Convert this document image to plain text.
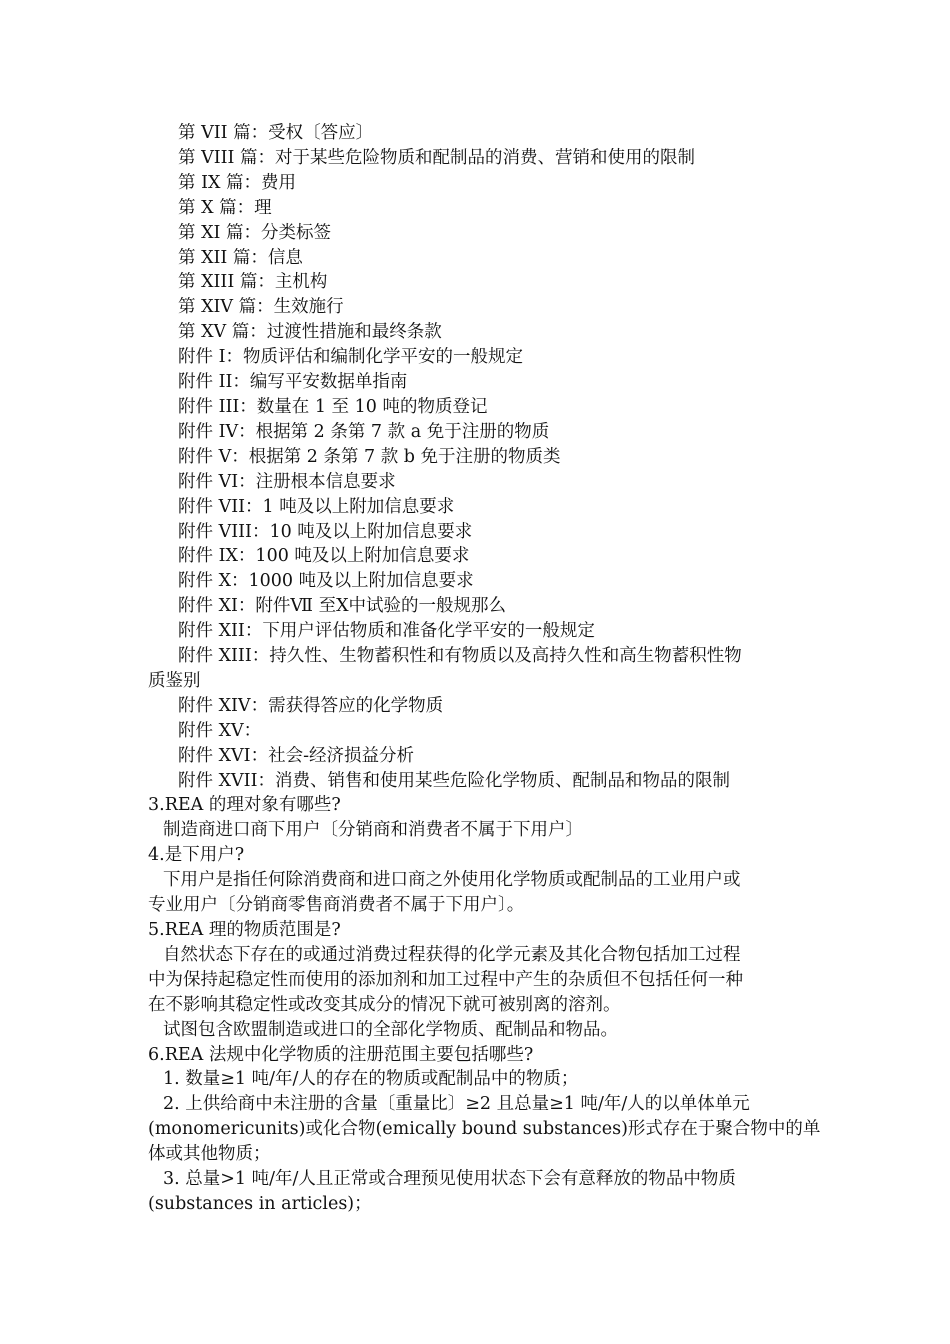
第 VII 篇：受权〔答应〕
第 VIII 篇：对于某些危险物质和配制品的消费、营销和使用的限制
第 IX 篇：费用
第 X 篇：理
第 XI 篇：分类标签
第 XII 篇：信息
第 XIII 篇：主机构
第 XIV 篇：生效施行
第 XV 篇：过渡性措施和最终条款
附件 I：物质评估和编制化学平安的一般规定
附件 II：编写平安数据单指南
附件 III：数量在 1 至 10 吨的物质登记
附件 IV：根据第 2 条第 7 款 a 免于注册的物质
附件 V：根据第 2 条第 7 款 b 免于注册的物质类
附件 VI：注册根本信息要求
附件 VII：1 吨及以上附加信息要求
附件 VIII：10 吨及以上附加信息要求
附件 IX：100 吨及以上附加信息要求
附件 X：1000 吨及以上附加信息要求
附件 XI：附件Ⅶ 至Ⅹ中试验的一般规那么
附件 XII：下用户评估物质和准备化学平安的一般规定
附件 XIII：持久性、生物蓄积性和有物质以及高持久性和高生物蓄积性物
质鉴别
附件 XIV：需获得答应的化学物质
附件 XV：
附件 XVI：社会-经济损益分析
附件 XVII：消费、销售和使用某些危险化学物质、配制品和物品的限制
3.REA 的理对象有哪些?
制造商进口商下用户〔分销商和消费者不属于下用户〕
4.是下用户?
下用户是指任何除消费商和进口商之外使用化学物质或配制品的工业用户或
专业用户〔分销商零售商消费者不属于下用户〕。
5.REA 理的物质范围是?
自然状态下存在的或通过消费过程获得的化学元素及其化合物包括加工过程
中为保持起稳定性而使用的添加剂和加工过程中产生的杂质但不包括任何一种
在不影响其稳定性或改变其成分的情况下就可被别离的溶剂。
试图包含欧盟制造或进口的全部化学物质、配制品和物品。
6.REA 法规中化学物质的注册范围主要包括哪些?
1. 数量≥1 吨/年/人的存在的物质或配制品中的物质；
2. 上供给商中未注册的含量〔重量比〕≥2 且总量≥1 吨/年/人的以单体单元
(monomericunits)或化合物(emically bound substances)形式存在于聚合物中的单
体或其他物质；
3. 总量>1 吨/年/人且正常或合理预见使用状态下会有意释放的物品中物质
(substances in articles)；
